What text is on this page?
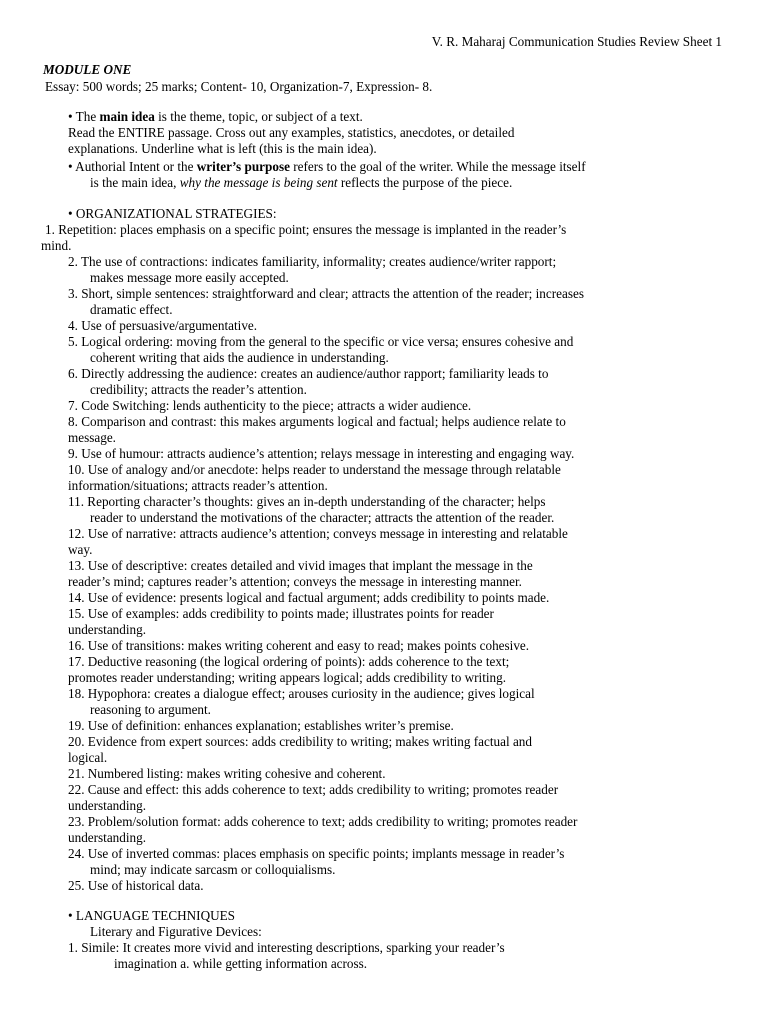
V. R. Maharaj Communication Studies Review Sheet 1
MODULE ONE
Essay: 500 words; 25 marks; Content- 10, Organization-7, Expression- 8.
• The main idea is the theme, topic, or subject of a text.
Read the ENTIRE passage. Cross out any examples, statistics, anecdotes, or detailed
explanations. Underline what is left (this is the main idea).
• Authorial Intent or the writer’s purpose refers to the goal of the writer. While the message itself
is the main idea, why the message is being sent reflects the purpose of the piece.
• ORGANIZATIONAL STRATEGIES:
1. Repetition: places emphasis on a specific point; ensures the message is implanted in the reader’s
mind.
2. The use of contractions: indicates familiarity, informality; creates audience/writer rapport;
makes message more easily accepted.
3. Short, simple sentences: straightforward and clear; attracts the attention of the reader; increases
dramatic effect.
4. Use of persuasive/argumentative.
5. Logical ordering: moving from the general to the specific or vice versa; ensures cohesive and
coherent writing that aids the audience in understanding.
6. Directly addressing the audience: creates an audience/author rapport; familiarity leads to
credibility; attracts the reader’s attention.
7. Code Switching: lends authenticity to the piece; attracts a wider audience.
8. Comparison and contrast: this makes arguments logical and factual; helps audience relate to
message.
9. Use of humour: attracts audience’s attention; relays message in interesting and engaging way.
10. Use of analogy and/or anecdote: helps reader to understand the message through relatable
information/situations; attracts reader’s attention.
11. Reporting character’s thoughts: gives an in-depth understanding of the character; helps
reader to understand the motivations of the character; attracts the attention of the reader.
12. Use of narrative: attracts audience’s attention; conveys message in interesting and relatable
way.
13. Use of descriptive: creates detailed and vivid images that implant the message in the
reader’s mind; captures reader’s attention; conveys the message in interesting manner.
14. Use of evidence: presents logical and factual argument; adds credibility to points made.
15. Use of examples: adds credibility to points made; illustrates points for reader
understanding.
16. Use of transitions: makes writing coherent and easy to read; makes points cohesive.
17. Deductive reasoning (the logical ordering of points): adds coherence to the text;
promotes reader understanding; writing appears logical; adds credibility to writing.
18. Hypophora: creates a dialogue effect; arouses curiosity in the audience; gives logical
reasoning to argument.
19. Use of definition: enhances explanation; establishes writer’s premise.
20. Evidence from expert sources: adds credibility to writing; makes writing factual and
logical.
21. Numbered listing: makes writing cohesive and coherent.
22. Cause and effect: this adds coherence to text; adds credibility to writing; promotes reader
understanding.
23. Problem/solution format: adds coherence to text; adds credibility to writing; promotes reader
understanding.
24. Use of inverted commas: places emphasis on specific points; implants message in reader’s
mind; may indicate sarcasm or colloquialisms.
25. Use of historical data.
• LANGUAGE TECHNIQUES
Literary and Figurative Devices:
1. Simile: It creates more vivid and interesting descriptions, sparking your reader’s
imagination a. while getting information across.
